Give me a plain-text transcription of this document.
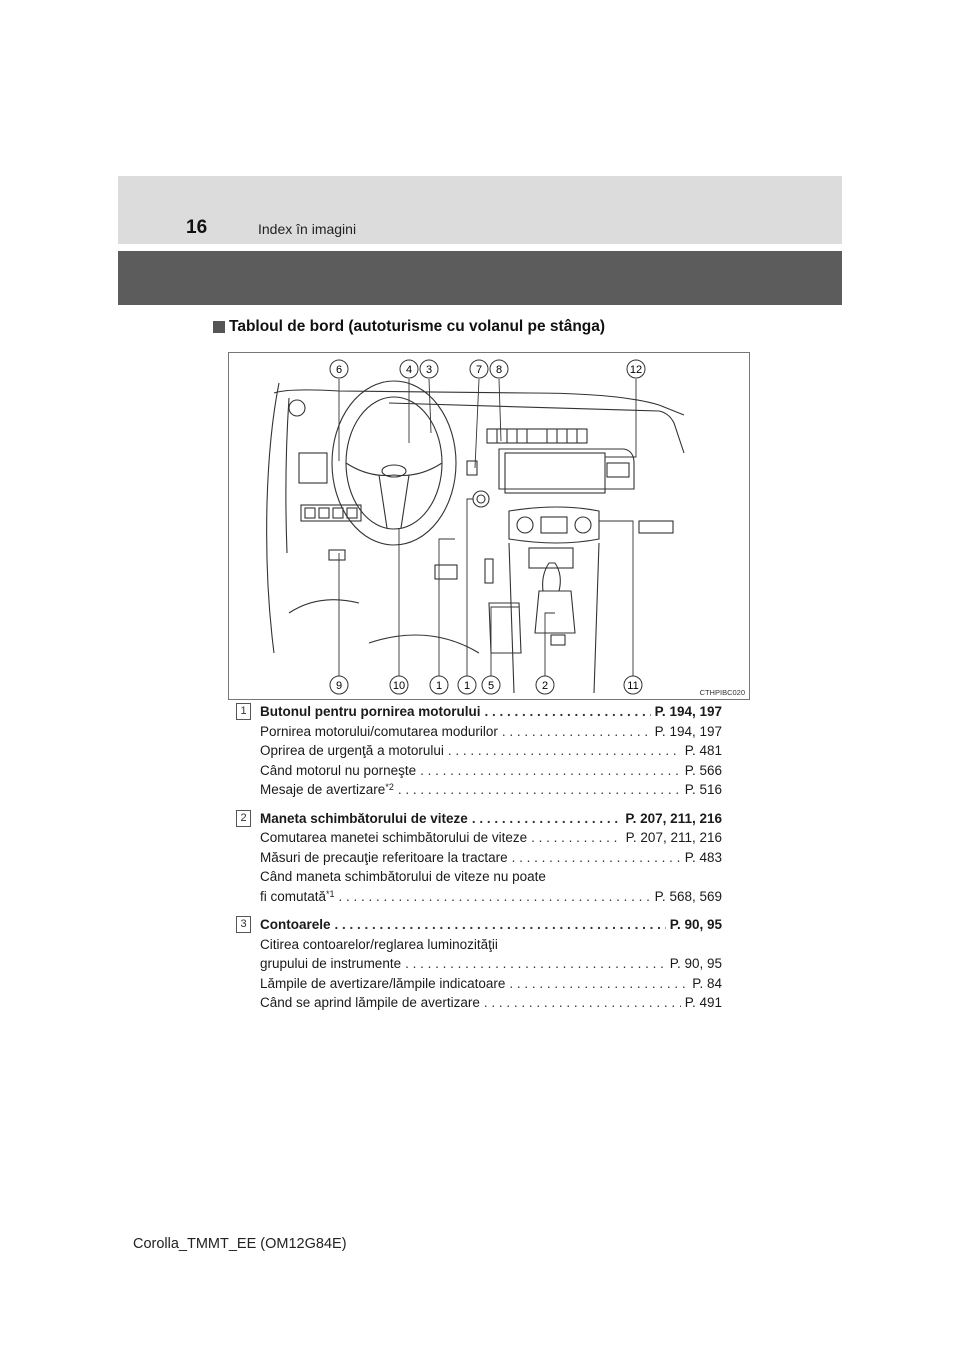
16	Index în imagini
Tabloul de bord (autoturisme cu volanul pe stânga)
6	4 3	7 8	12
9	10	1 1 5	2	11
CTHPIBC020
1 Butonul pentru pornirea motorului . . .	P. 194, 197
Pornirea motorului/comutarea modurilor . . .	P. 194, 197
Oprirea de urgenţă a motorului . . .	P. 481
Când motorul nu porneşte . . .	P. 566
Mesaje de avertizare$^{*2}$ . . .	P. 516
2 Maneta schimbătorului de viteze . . .	P. 207, 211, 216
Comutarea manetei schimbătorului de viteze . . .	P. 207, 211, 216
Măsuri de precauţie referitoare la tractare . . .	P. 483
Când maneta schimbătorului de viteze nu poate
fi comutată$^{*1}$ . . .	P. 568, 569
3 Contoarele . . .	P. 90, 95
Citirea contoarelor/reglarea luminozităţii
grupului de instrumente . . .	P. 90, 95
Lămpile de avertizare/lămpile indicatoare . . .	P. 84
Când se aprind lămpile de avertizare . . .	P. 491
Corolla_TMMT_EE (OM12G84E)
